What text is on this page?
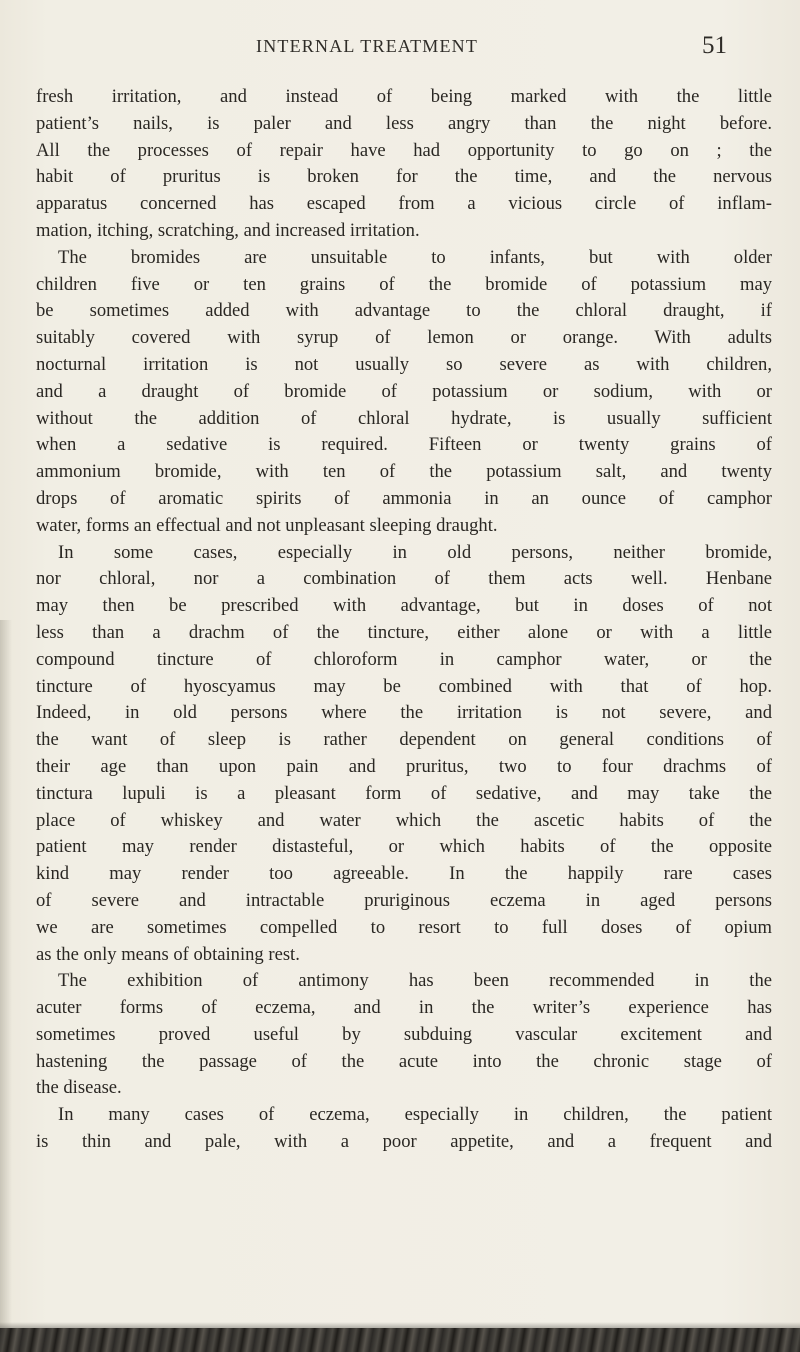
INTERNAL TREATMENT	51
fresh irritation, and instead of being marked with the little
patient’s nails, is paler and less angry than the night before.
All the processes of repair have had opportunity to go on ; the
habit of pruritus is broken for the time, and the nervous
apparatus concerned has escaped from a vicious circle of inflam-
mation, itching, scratching, and increased irritation.
The bromides are unsuitable to infants, but with older
children five or ten grains of the bromide of potassium may
be sometimes added with advantage to the chloral draught, if
suitably covered with syrup of lemon or orange. With adults
nocturnal irritation is not usually so severe as with children,
and a draught of bromide of potassium or sodium, with or
without the addition of chloral hydrate, is usually sufficient
when a sedative is required. Fifteen or twenty grains of
ammonium bromide, with ten of the potassium salt, and twenty
drops of aromatic spirits of ammonia in an ounce of camphor
water, forms an effectual and not unpleasant sleeping draught.
In some cases, especially in old persons, neither bromide,
nor chloral, nor a combination of them acts well. Henbane
may then be prescribed with advantage, but in doses of not
less than a drachm of the tincture, either alone or with a little
compound tincture of chloroform in camphor water, or the
tincture of hyoscyamus may be combined with that of hop.
Indeed, in old persons where the irritation is not severe, and
the want of sleep is rather dependent on general conditions of
their age than upon pain and pruritus, two to four drachms of
tinctura lupuli is a pleasant form of sedative, and may take the
place of whiskey and water which the ascetic habits of the
patient may render distasteful, or which habits of the opposite
kind may render too agreeable. In the happily rare cases
of severe and intractable pruriginous eczema in aged persons
we are sometimes compelled to resort to full doses of opium
as the only means of obtaining rest.
The exhibition of antimony has been recommended in the
acuter forms of eczema, and in the writer’s experience has
sometimes proved useful by subduing vascular excitement and
hastening the passage of the acute into the chronic stage of
the disease.
In many cases of eczema, especially in children, the patient
is thin and pale, with a poor appetite, and a frequent and
